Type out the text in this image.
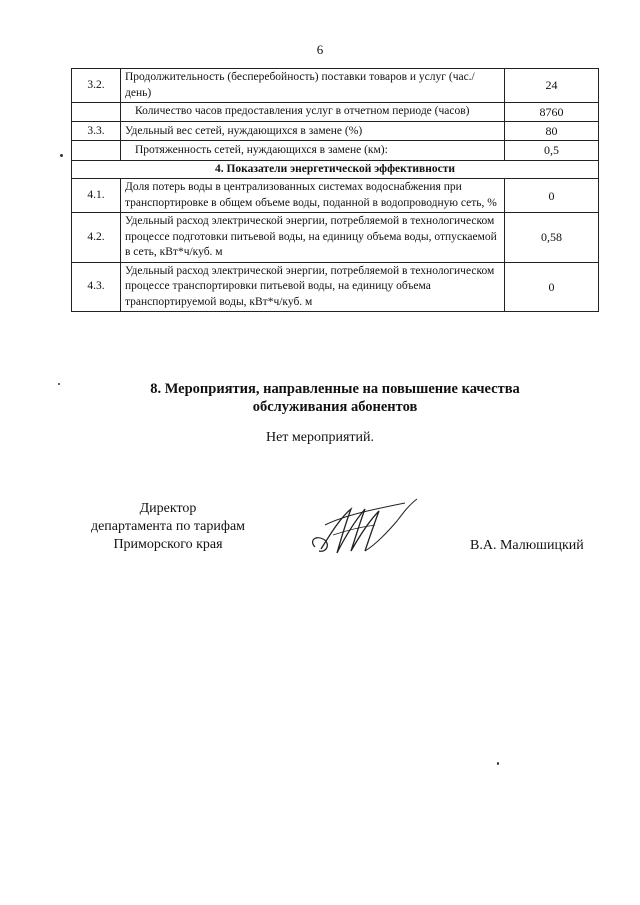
6
3.2.	Продолжительность (бесперебойность) поставки товаров и услуг (час./день)	24
	Количество часов предоставления услуг в отчетном периоде (часов)	8760
3.3.	Удельный вес сетей, нуждающихся в замене (%)	80
	Протяженность сетей, нуждающихся в замене (км):	0,5
4. Показатели энергетической эффективности		
4.1.	Доля потерь воды в централизованных системах водоснабжения при транспортировке в общем объеме воды, поданной в водопроводную сеть, %	0
4.2.	Удельный расход электрической энергии, потребляемой в технологическом процессе подготовки питьевой воды, на единицу объема воды, отпускаемой в сеть, кВт*ч/куб. м	0,58
4.3.	Удельный расход электрической энергии, потребляемой в технологическом процессе транспортировки питьевой воды, на единицу объема транспортируемой воды, кВт*ч/куб. м	0
8. Мероприятия, направленные на повышение качества
обслуживания абонентов
Нет мероприятий.
Директор
департамента по тарифам
Приморского края	В.А. Малюшицкий
